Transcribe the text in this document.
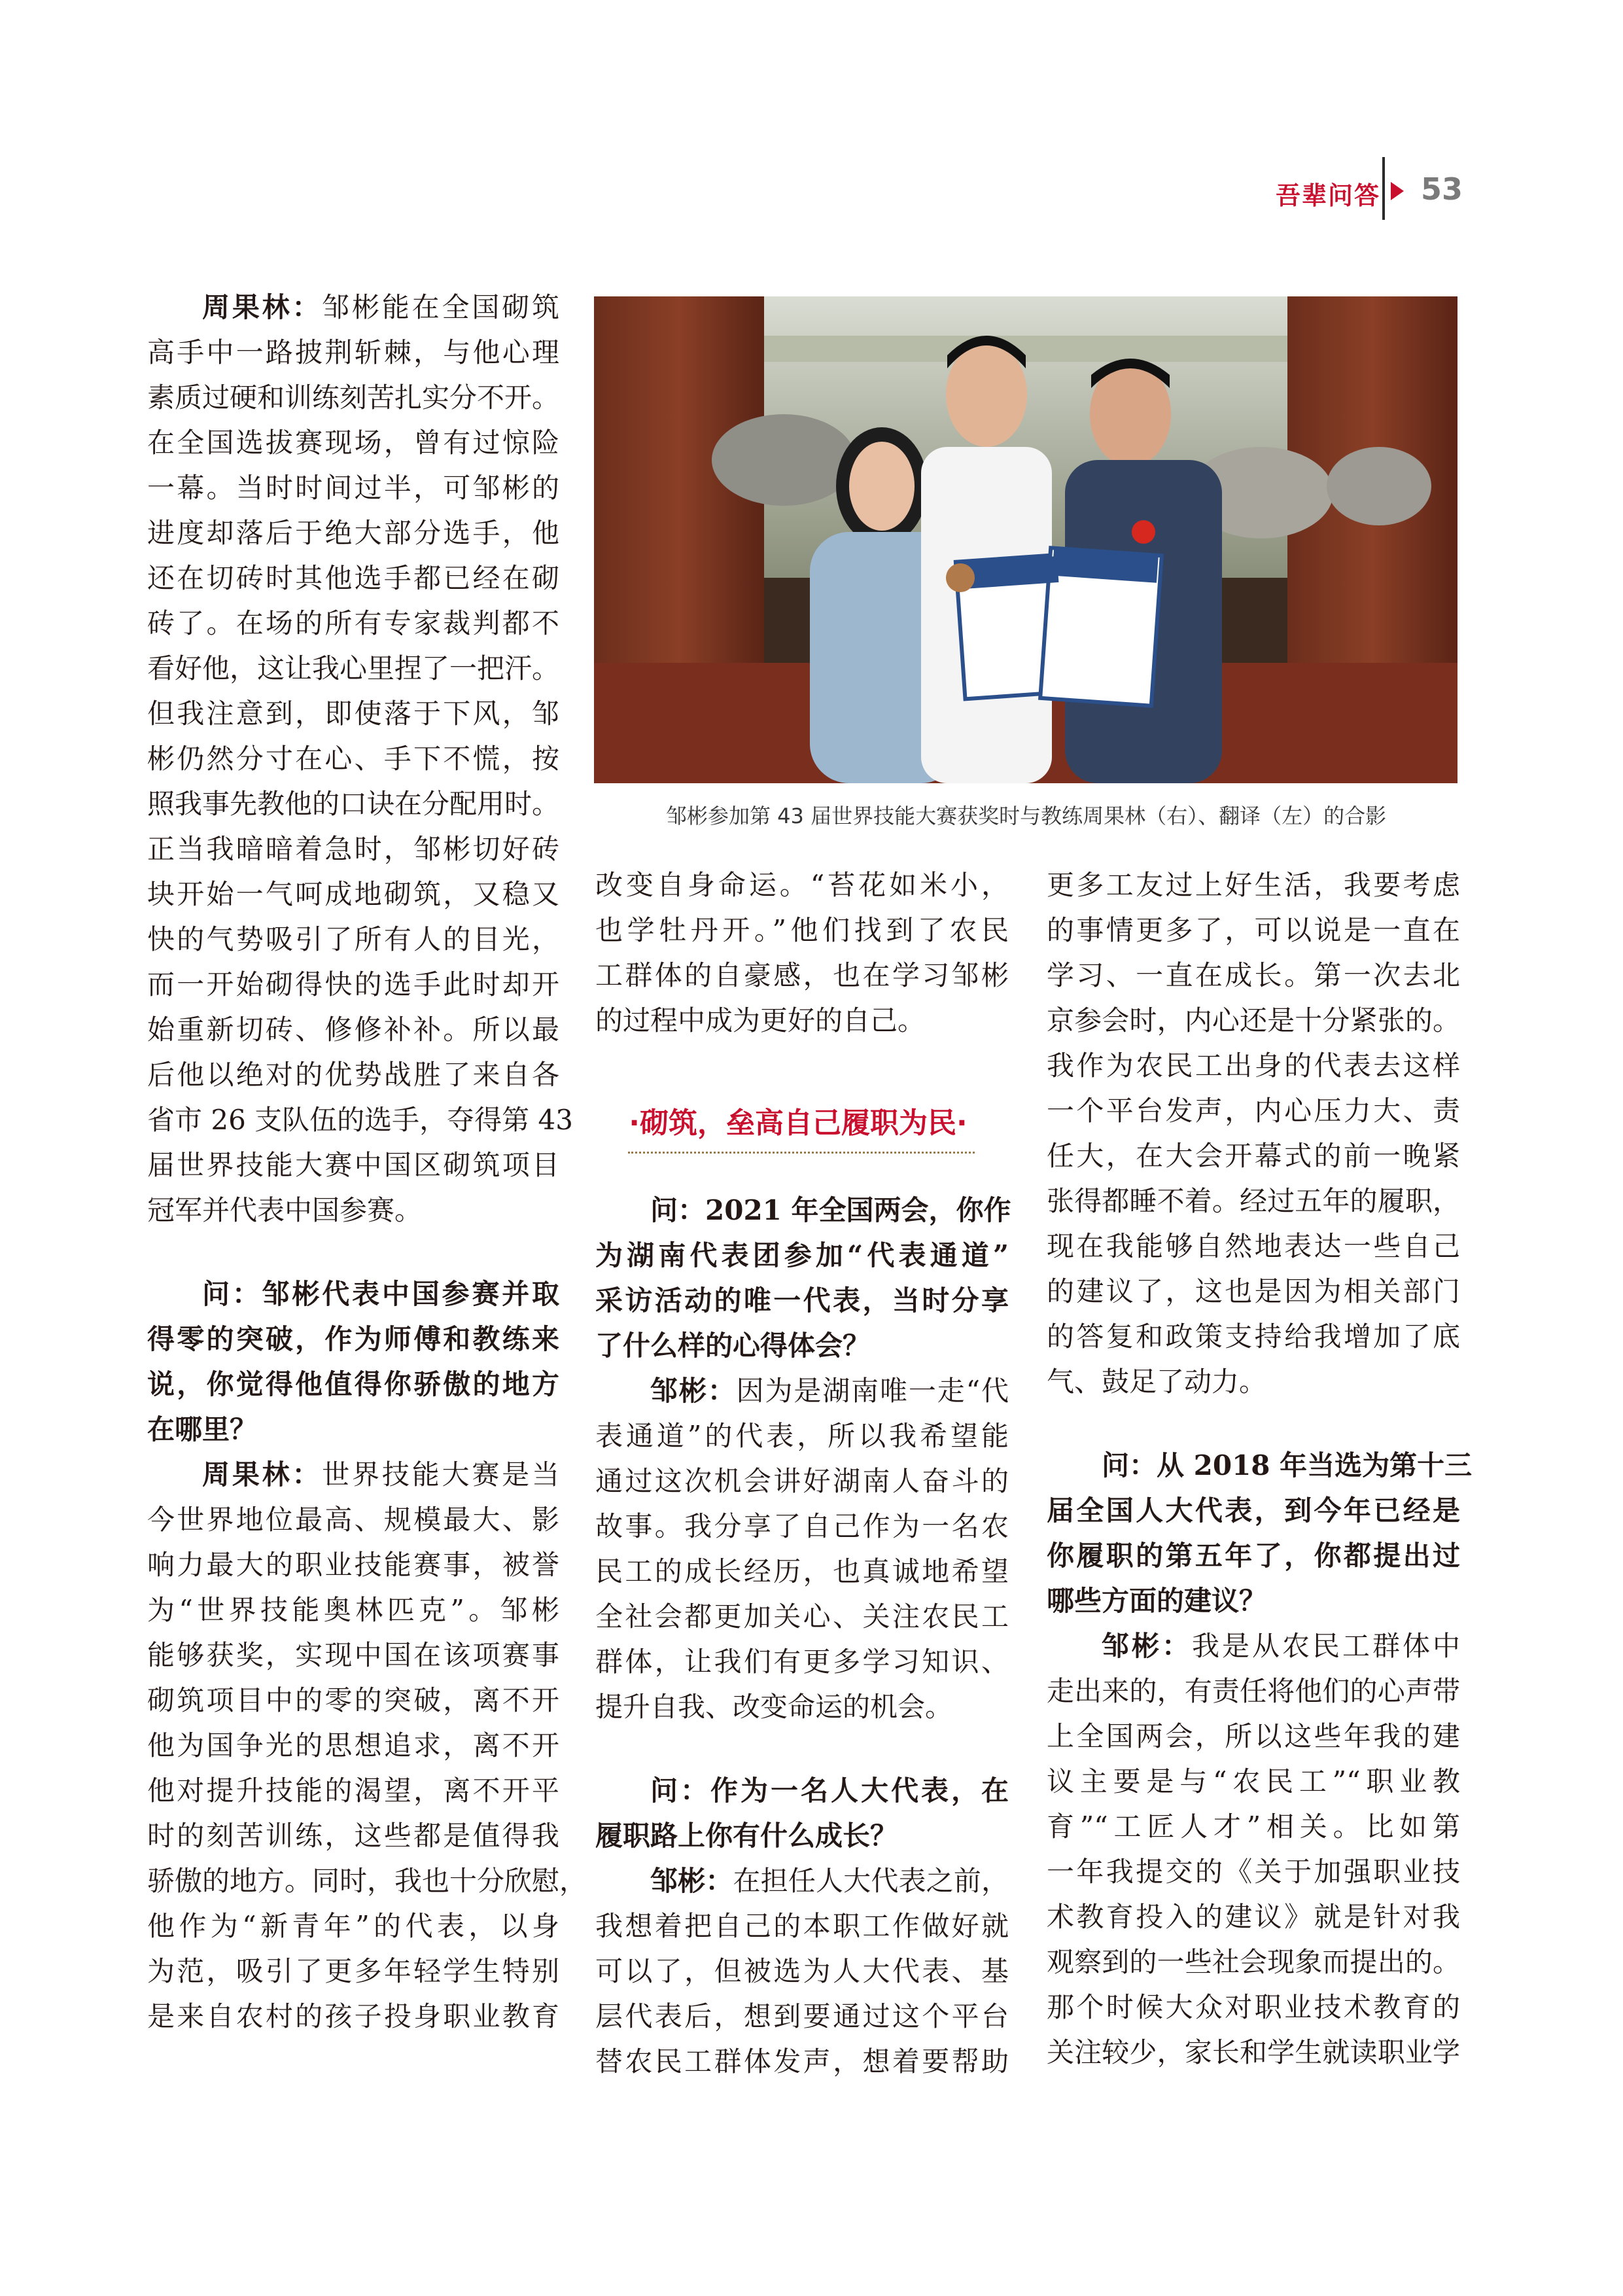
吾辈问答 53
邹彬参加第 43 届世界技能大赛获奖时与教练周果林（右）、翻译（左）的合影
周果林：邹彬能在全国砌筑
高手中一路披荆斩棘，与他心理
素质过硬和训练刻苦扎实分不开。
在全国选拔赛现场，曾有过惊险
一幕。当时时间过半，可邹彬的
进度却落后于绝大部分选手，他
还在切砖时其他选手都已经在砌
砖了。在场的所有专家裁判都不
看好他，这让我心里捏了一把汗。
但我注意到，即使落于下风，邹
彬仍然分寸在心、手下不慌，按
照我事先教他的口诀在分配用时。
正当我暗暗着急时，邹彬切好砖
块开始一气呵成地砌筑，又稳又
快的气势吸引了所有人的目光，
而一开始砌得快的选手此时却开
始重新切砖、修修补补。所以最
后他以绝对的优势战胜了来自各
省市 26 支队伍的选手，夺得第 43
届世界技能大赛中国区砌筑项目
冠军并代表中国参赛。
问：邹彬代表中国参赛并取
得零的突破，作为师傅和教练来
说，你觉得他值得你骄傲的地方
在哪里？
周果林：世界技能大赛是当
今世界地位最高、规模最大、影
响力最大的职业技能赛事，被誉
为“世界技能奥林匹克”。邹彬
能够获奖，实现中国在该项赛事
砌筑项目中的零的突破，离不开
他为国争光的思想追求，离不开
他对提升技能的渴望，离不开平
时的刻苦训练，这些都是值得我
骄傲的地方。同时，我也十分欣慰，
他作为“新青年”的代表，以身
为范，吸引了更多年轻学生特别
是来自农村的孩子投身职业教育
改变自身命运。“苔花如米小，
也学牡丹开。”他们找到了农民
工群体的自豪感，也在学习邹彬
的过程中成为更好的自己。
·砌筑，垒高自己履职为民·
问：2021 年全国两会，你作
为湖南代表团参加“代表通道”
采访活动的唯一代表，当时分享
了什么样的心得体会？
邹彬：因为是湖南唯一走“代
表通道”的代表，所以我希望能
通过这次机会讲好湖南人奋斗的
故事。我分享了自己作为一名农
民工的成长经历，也真诚地希望
全社会都更加关心、关注农民工
群体，让我们有更多学习知识、
提升自我、改变命运的机会。
问：作为一名人大代表，在
履职路上你有什么成长？
邹彬：在担任人大代表之前，
我想着把自己的本职工作做好就
可以了，但被选为人大代表、基
层代表后，想到要通过这个平台
替农民工群体发声，想着要帮助
更多工友过上好生活，我要考虑
的事情更多了，可以说是一直在
学习、一直在成长。第一次去北
京参会时，内心还是十分紧张的。
我作为农民工出身的代表去这样
一个平台发声，内心压力大、责
任大，在大会开幕式的前一晚紧
张得都睡不着。经过五年的履职，
现在我能够自然地表达一些自己
的建议了，这也是因为相关部门
的答复和政策支持给我增加了底
气、鼓足了动力。
问：从 2018 年当选为第十三
届全国人大代表，到今年已经是
你履职的第五年了，你都提出过
哪些方面的建议？
邹彬：我是从农民工群体中
走出来的，有责任将他们的心声带
上全国两会，所以这些年我的建
议主要是与“农民工”“职业教
育”“工匠人才”相关。比如第
一年我提交的《关于加强职业技
术教育投入的建议》就是针对我
观察到的一些社会现象而提出的。
那个时候大众对职业技术教育的
关注较少，家长和学生就读职业学
